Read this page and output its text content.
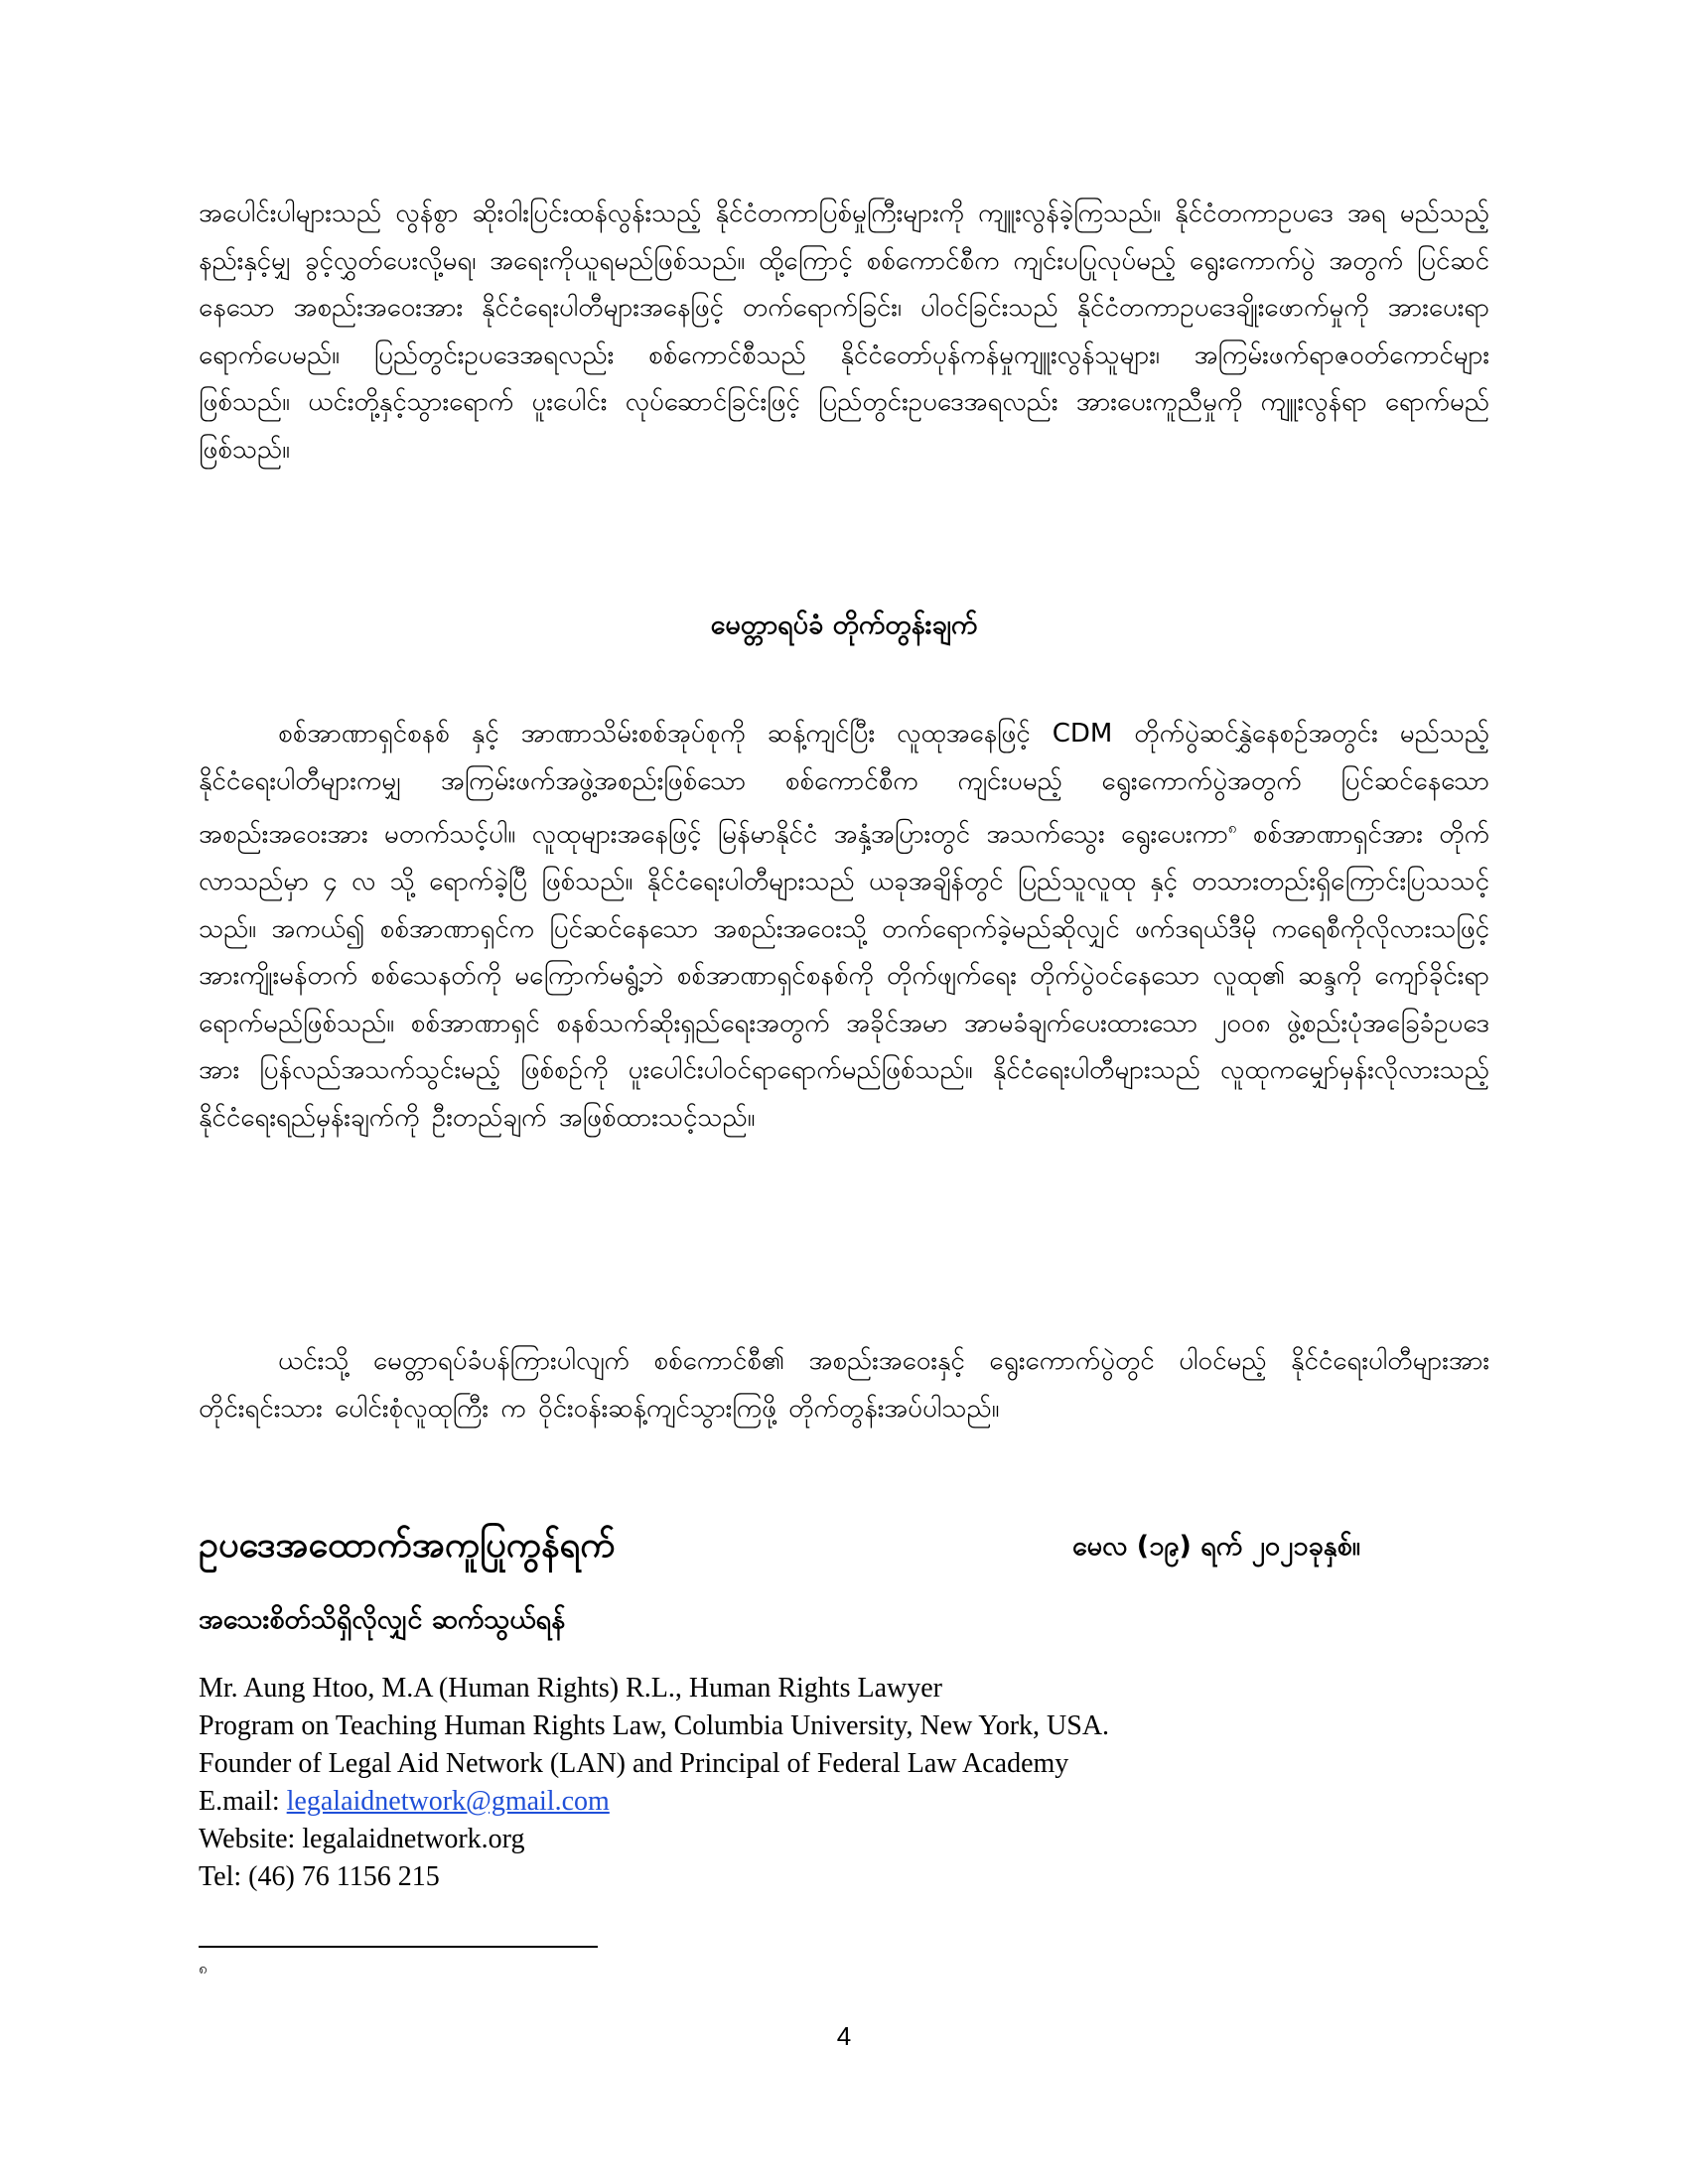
အပေါင်းပါများသည် လွန်စွာ ဆိုးဝါးပြင်းထန်လွန်းသည့် နိုင်ငံတကာပြစ်မှုကြီးများကို ကျူးလွန်ခဲ့ကြသည်။ နိုင်ငံတကာဥပဒေ အရ မည်သည့်နည်းနှင့်မျှ ခွင့်လွှတ်ပေးလို့မရ၊ အရေးကိုယူရမည်ဖြစ်သည်။ ထို့ကြောင့် စစ်ကောင်စီက ကျင်းပပြုလုပ်မည့် ရွေးကောက်ပွဲ အတွက် ပြင်ဆင်နေသော အစည်းအဝေးအား နိုင်ငံရေးပါတီများအနေဖြင့် တက်ရောက်ခြင်း၊ ပါဝင်ခြင်းသည် နိုင်ငံတကာဥပဒေချိုးဖောက်မှုကို အားပေးရာ ရောက်ပေမည်။ ပြည်တွင်းဥပဒေအရလည်း စစ်ကောင်စီသည် နိုင်ငံတော်ပုန်ကန်မှုကျူးလွန်သူများ၊ အကြမ်းဖက်ရာဇဝတ်ကောင်များဖြစ်သည်။ ယင်းတို့နှင့်သွားရောက် ပူးပေါင်း လုပ်ဆောင်ခြင်းဖြင့် ပြည်တွင်းဥပဒေအရလည်း အားပေးကူညီမှုကို ကျူးလွန်ရာ ရောက်မည်ဖြစ်သည်။

မေတ္တာရပ်ခံ တိုက်တွန်းချက်

စစ်အာဏာရှင်စနစ် နှင့် အာဏာသိမ်းစစ်အုပ်စုကို ဆန့်ကျင်ပြီး လူထုအနေဖြင့် CDM တိုက်ပွဲဆင်နွှဲနေစဉ်အတွင်း မည်သည့်နိုင်ငံရေးပါတီများကမျှ အကြမ်းဖက်အဖွဲ့အစည်းဖြစ်သော စစ်ကောင်စီက ကျင်းပမည့် ရွေးကောက်ပွဲအတွက် ပြင်ဆင်နေသော အစည်းအဝေးအား မတက်သင့်ပါ။ လူထုများအနေဖြင့် မြန်မာနိုင်ငံ အနှံ့အပြားတွင် အသက်သွေး ရွေးပေးကာ$^၈$ စစ်အာဏာရှင်အား တိုက်လာသည်မှာ ၄ လ သို့ ရောက်ခဲ့ပြီ ဖြစ်သည်။ နိုင်ငံရေးပါတီများသည် ယခုအချိန်တွင် ပြည်သူလူထု နှင့် တသားတည်းရှိကြောင်းပြသသင့်သည်။ အကယ်၍ စစ်အာဏာရှင်က ပြင်ဆင်နေသော အစည်းအဝေးသို့ တက်ရောက်ခဲ့မည်ဆိုလျှင် ဖက်ဒရယ်ဒီမို ကရေစီကိုလိုလားသဖြင့် အားကျိုးမန်တက် စစ်သေနတ်ကို မကြောက်မရွံ့ဘဲ စစ်အာဏာရှင်စနစ်ကို တိုက်ဖျက်ရေး တိုက်ပွဲဝင်နေသော လူထု၏ ဆန္ဒကို ကျော်ခိုင်းရာရောက်မည်ဖြစ်သည်။ စစ်အာဏာရှင် စနစ်သက်ဆိုးရှည်ရေးအတွက် အခိုင်အမာ အာမခံချက်ပေးထားသော ၂၀၀၈ ဖွဲ့စည်းပုံအခြေခံဥပဒေအား ပြန်လည်အသက်သွင်းမည့် ဖြစ်စဉ်ကို ပူးပေါင်းပါဝင်ရာရောက်မည်ဖြစ်သည်။ နိုင်ငံရေးပါတီများသည် လူထုကမျှော်မှန်းလိုလားသည့် နိုင်ငံရေးရည်မှန်းချက်ကို ဦးတည်ချက် အဖြစ်ထားသင့်သည်။

ယင်းသို့ မေတ္တာရပ်ခံပန်ကြားပါလျက် စစ်ကောင်စီ၏ အစည်းအဝေးနှင့် ရွေးကောက်ပွဲတွင် ပါဝင်မည့် နိုင်ငံရေးပါတီများအား တိုင်းရင်းသား ပေါင်းစုံလူထုကြီး က ဝိုင်းဝန်းဆန့်ကျင်သွားကြဖို့ တိုက်တွန်းအပ်ပါသည်။

ဥပဒေအထောက်အကူပြုကွန်ရက်	မေလ (၁၉) ရက် ၂၀၂၁ခုနှစ်။
အသေးစိတ်သိရှိလိုလျှင် ဆက်သွယ်ရန်
Mr. Aung Htoo, M.A (Human Rights) R.L., Human Rights Lawyer
Program on Teaching Human Rights Law, Columbia University, New York, USA.
Founder of Legal Aid Network (LAN) and Principal of Federal Law Academy
E.mail: legalaidnetwork@gmail.com
Website: legalaidnetwork.org
Tel: (46) 76 1156 215
၈
4
